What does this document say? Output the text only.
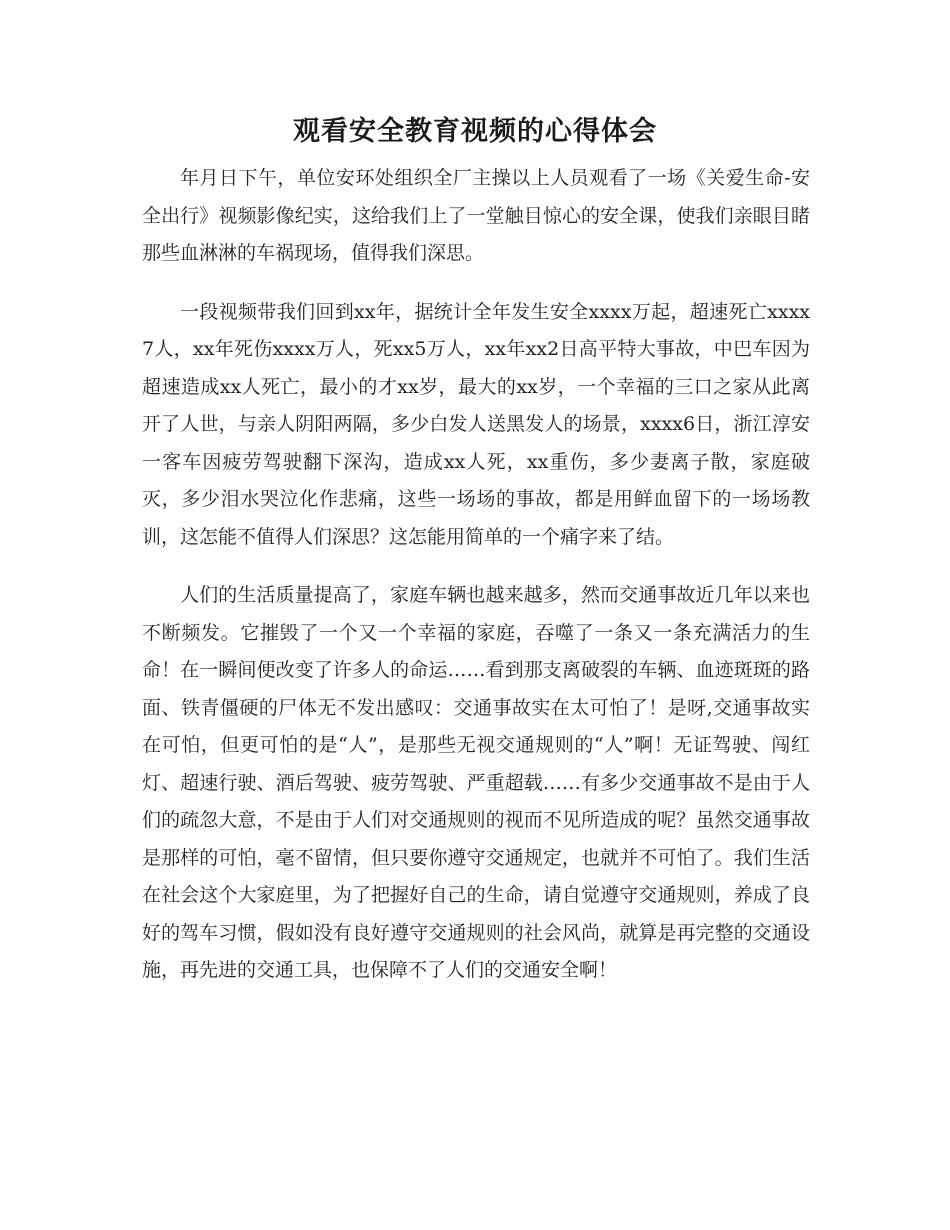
观看安全教育视频的心得体会

年月日下午，单位安环处组织全厂主操以上人员观看了一场《关爱生命-安全出行》视频影像纪实，这给我们上了一堂触目惊心的安全课，使我们亲眼目睹那些血淋淋的车祸现场，值得我们深思。

一段视频带我们回到xx年，据统计全年发生安全xxxx万起，超速死亡xxxx7人，xx年死伤xxxx万人，死xx5万人，xx年xx2日高平特大事故，中巴车因为超速造成xx人死亡，最小的才xx岁，最大的xx岁，一个幸福的三口之家从此离开了人世，与亲人阴阳两隔，多少白发人送黑发人的场景，xxxx6日，浙江淳安一客车因疲劳驾驶翻下深沟，造成xx人死，xx重伤，多少妻离子散，家庭破灭，多少泪水哭泣化作悲痛，这些一场场的事故，都是用鲜血留下的一场场教训，这怎能不值得人们深思？这怎能用简单的一个痛字来了结。

人们的生活质量提高了，家庭车辆也越来越多，然而交通事故近几年以来也不断频发。它摧毁了一个又一个幸福的家庭，吞噬了一条又一条充满活力的生命！在一瞬间便改变了许多人的命运……看到那支离破裂的车辆、血迹斑斑的路面、铁青僵硬的尸体无不发出感叹：交通事故实在太可怕了！是呀,交通事故实在可怕，但更可怕的是“人”，是那些无视交通规则的“人”啊！无证驾驶、闯红灯、超速行驶、酒后驾驶、疲劳驾驶、严重超载……有多少交通事故不是由于人们的疏忽大意，不是由于人们对交通规则的视而不见所造成的呢？虽然交通事故是那样的可怕，毫不留情，但只要你遵守交通规定，也就并不可怕了。我们生活在社会这个大家庭里，为了把握好自己的生命，请自觉遵守交通规则，养成了良好的驾车习惯，假如没有良好遵守交通规则的社会风尚，就算是再完整的交通设施，再先进的交通工具，也保障不了人们的交通安全啊！
